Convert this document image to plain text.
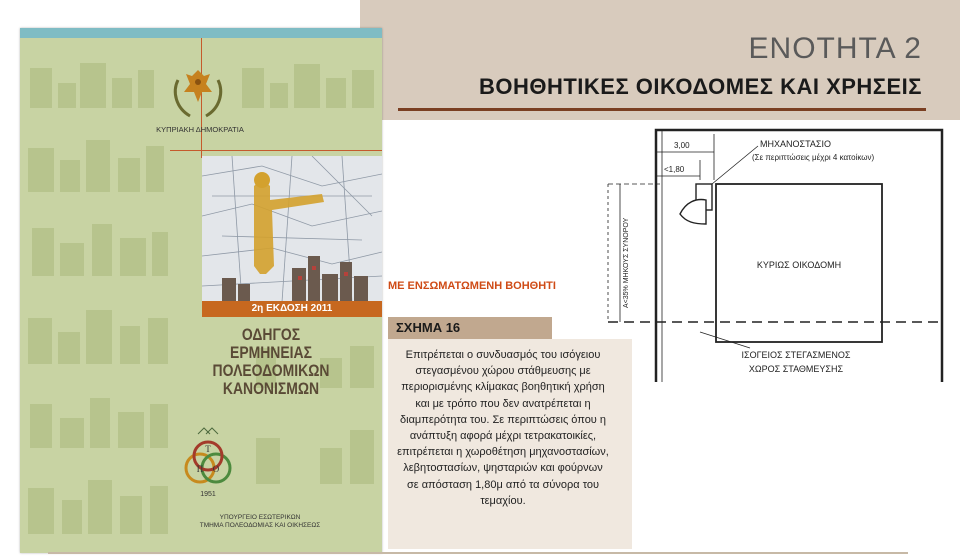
ΕΝΟΤΗΤΑ 2
ΒΟΗΘΗΤΙΚΕΣ ΟΙΚΟΔΟΜΕΣ ΚΑΙ ΧΡΗΣΕΙΣ
ΚΥΠΡΙΑΚΗ ΔΗΜΟΚΡΑΤΙΑ
2η ΕΚΔΟΣΗ 2011
ΟΔΗΓΟΣ
ΕΡΜΗΝΕΙΑΣ
ΠΟΛΕΟΔΟΜΙΚΩΝ
ΚΑΝΟΝΙΣΜΩΝ
Τ
Π Ο
1951
ΥΠΟΥΡΓΕΙΟ ΕΣΩΤΕΡΙΚΩΝ
ΤΜΗΜΑ ΠΟΛΕΟΔΟΜΙΑΣ ΚΑΙ ΟΙΚΗΣΕΩΣ
ΜΕ ΕΝΣΩΜΑΤΩΜΕΝΗ ΒΟΗΘΗΤΙ
ΣΧΗΜΑ 16
Επιτρέπεται ο συνδυασμός του ισόγειου στεγασμένου χώρου στάθμευσης με περιορισμένης κλίμακας βοηθητική χρήση και με τρόπο που δεν ανατρέπεται η διαμπερότητα του. Σε περιπτώσεις όπου η ανάπτυξη αφορά μέχρι τετρακατοικίες, επιτρέπεται η χωροθέτηση μηχανοστασίων, λεβητοστασίων, ψησταριών και φούρνων σε απόσταση 1,80μ από τα σύνορα του τεμαχίου.
3,00
<1,80
ΜΗΧΑΝΟΣΤΑΣΙΟ
(Σε περιπτώσεις μέχρι 4 κατοίκων)
ΚΥΡΙΩΣ ΟΙΚΟΔΟΜΗ
Α<35% ΜΗΚΟΥΣ ΣΥΝΟΡΟΥ
ΙΣΟΓΕΙΟΣ ΣΤΕΓΑΣΜΕΝΟΣ
ΧΩΡΟΣ ΣΤΑΘΜΕΥΣΗΣ
